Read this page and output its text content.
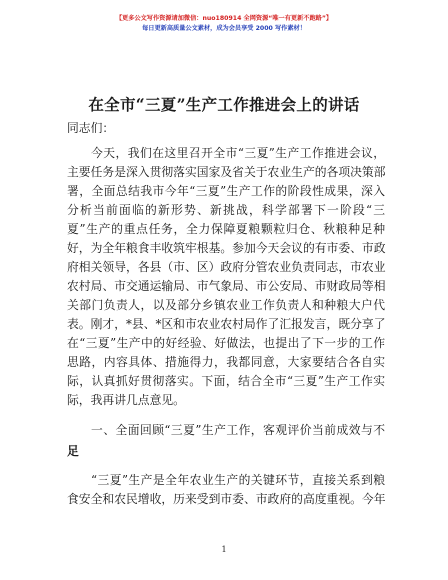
【更多公文写作资源请加微信：nuo180914 全网资源“唯一有更新不跑路”】
每日更新高质量公文素材，成为会员享受 2000 写作素材！
在全市“三夏”生产工作推进会上的讲话
同志们：
今天，我们在这里召开全市“三夏”生产工作推进会议，
主要任务是深入贯彻落实国家及省关于农业生产的各项决策部
署，全面总结我市今年“三夏”生产工作的阶段性成果，深入
分析当前面临的新形势、新挑战，科学部署下一阶段“三
夏”生产的重点任务，全力保障夏粮颗粒归仓、秋粮种足种
好，为全年粮食丰收筑牢根基。参加今天会议的有市委、市政
府相关领导，各县（市、区）政府分管农业负责同志，市农业
农村局、市交通运输局、市气象局、市公安局、市财政局等相
关部门负责人，以及部分乡镇农业工作负责人和种粮大户代
表。刚才，*县、*区和市农业农村局作了汇报发言，既分享了
在“三夏”生产中的好经验、好做法，也提出了下一步的工作
思路，内容具体、措施得力，我都同意，大家要结合各自实
际，认真抓好贯彻落实。下面，结合全市“三夏”生产工作实
际，我再讲几点意见。
一、全面回顾“三夏”生产工作，客观评价当前成效与不
足
“三夏”生产是全年农业生产的关键环节，直接关系到粮
食安全和农民增收，历来受到市委、市政府的高度重视。今年
1
